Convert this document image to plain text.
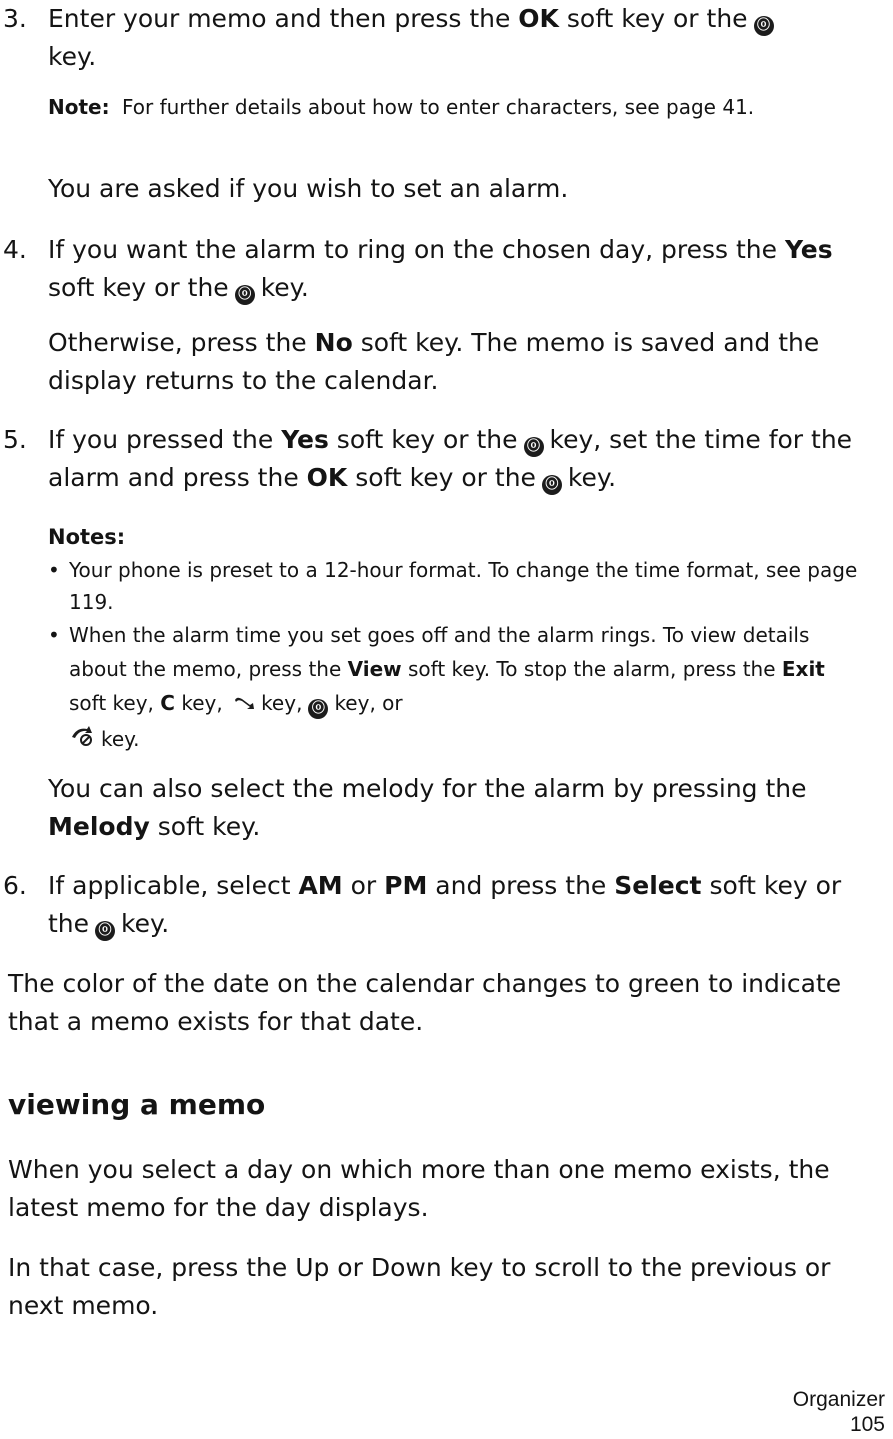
3. Enter your memo and then press the OK soft key or the ⓞ
key.
Note: For further details about how to enter characters, see page 41.
You are asked if you wish to set an alarm.
4. If you want the alarm to ring on the chosen day, press the Yes soft key or the ⓞ key.
Otherwise, press the No soft key. The memo is saved and the display returns to the calendar.
5. If you pressed the Yes soft key or the ⓞ key, set the time for the alarm and press the OK soft key or the ⓞ key.
Notes:
• Your phone is preset to a 12-hour format. To change the time format, see page 119.
• When the alarm time you set goes off and the alarm rings. To view details about the memo, press the View soft key. To stop the alarm, press the Exit soft key, C key, key, ⓞ key, or
key.
You can also select the melody for the alarm by pressing the Melody soft key.
6. If applicable, select AM or PM and press the Select soft key or the ⓞ key.
The color of the date on the calendar changes to green to indicate that a memo exists for that date.
viewing a memo
When you select a day on which more than one memo exists, the latest memo for the day displays.
In that case, press the Up or Down key to scroll to the previous or next memo.
Organizer
105
